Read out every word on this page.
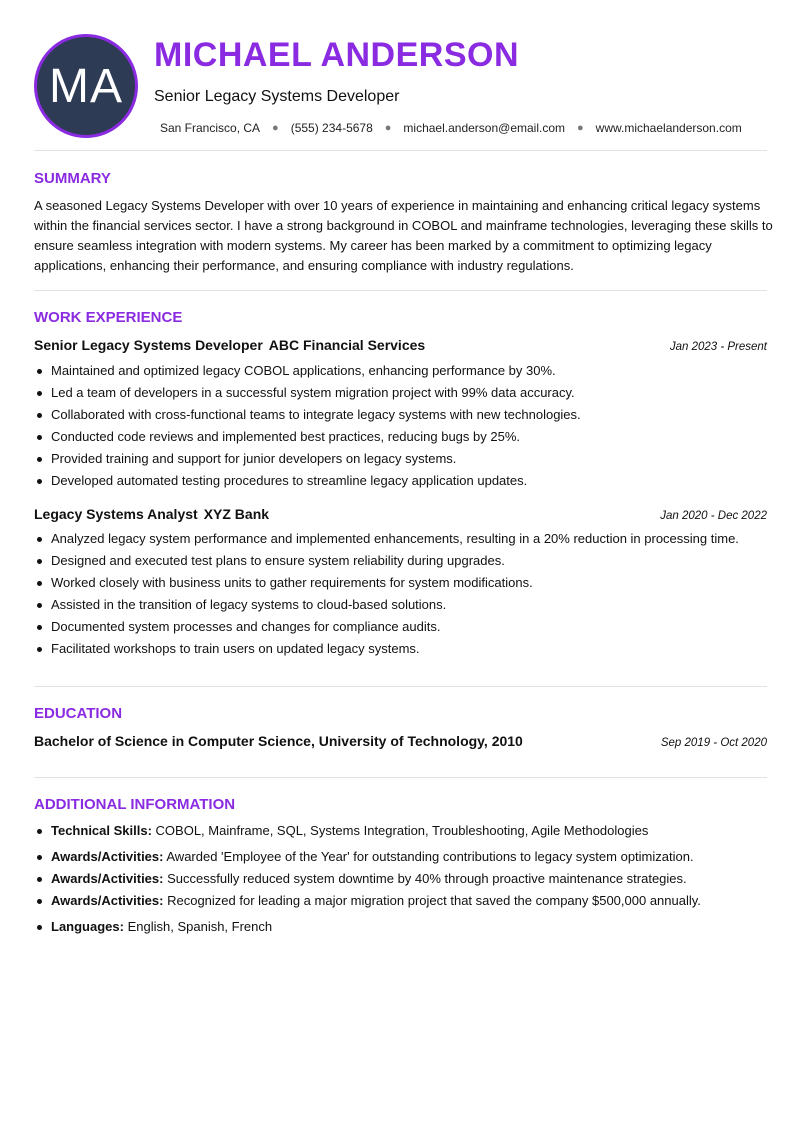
MA
MICHAEL ANDERSON
Senior Legacy Systems Developer
San Francisco, CA ● (555) 234-5678 ● michael.anderson@email.com ● www.michaelanderson.com
SUMMARY
A seasoned Legacy Systems Developer with over 10 years of experience in maintaining and enhancing critical legacy systems within the financial services sector. I have a strong background in COBOL and mainframe technologies, leveraging these skills to ensure seamless integration with modern systems. My career has been marked by a commitment to optimizing legacy applications, enhancing their performance, and ensuring compliance with industry regulations.
WORK EXPERIENCE
Senior Legacy Systems Developer ABC Financial Services	Jan 2023 - Present
Maintained and optimized legacy COBOL applications, enhancing performance by 30%.
Led a team of developers in a successful system migration project with 99% data accuracy.
Collaborated with cross-functional teams to integrate legacy systems with new technologies.
Conducted code reviews and implemented best practices, reducing bugs by 25%.
Provided training and support for junior developers on legacy systems.
Developed automated testing procedures to streamline legacy application updates.
Legacy Systems Analyst XYZ Bank	Jan 2020 - Dec 2022
Analyzed legacy system performance and implemented enhancements, resulting in a 20% reduction in processing time.
Designed and executed test plans to ensure system reliability during upgrades.
Worked closely with business units to gather requirements for system modifications.
Assisted in the transition of legacy systems to cloud-based solutions.
Documented system processes and changes for compliance audits.
Facilitated workshops to train users on updated legacy systems.
EDUCATION
Bachelor of Science in Computer Science, University of Technology, 2010	Sep 2019 - Oct 2020
ADDITIONAL INFORMATION
Technical Skills: COBOL, Mainframe, SQL, Systems Integration, Troubleshooting, Agile Methodologies
Awards/Activities: Awarded 'Employee of the Year' for outstanding contributions to legacy system optimization.
Awards/Activities: Successfully reduced system downtime by 40% through proactive maintenance strategies.
Awards/Activities: Recognized for leading a major migration project that saved the company $500,000 annually.
Languages: English, Spanish, French
